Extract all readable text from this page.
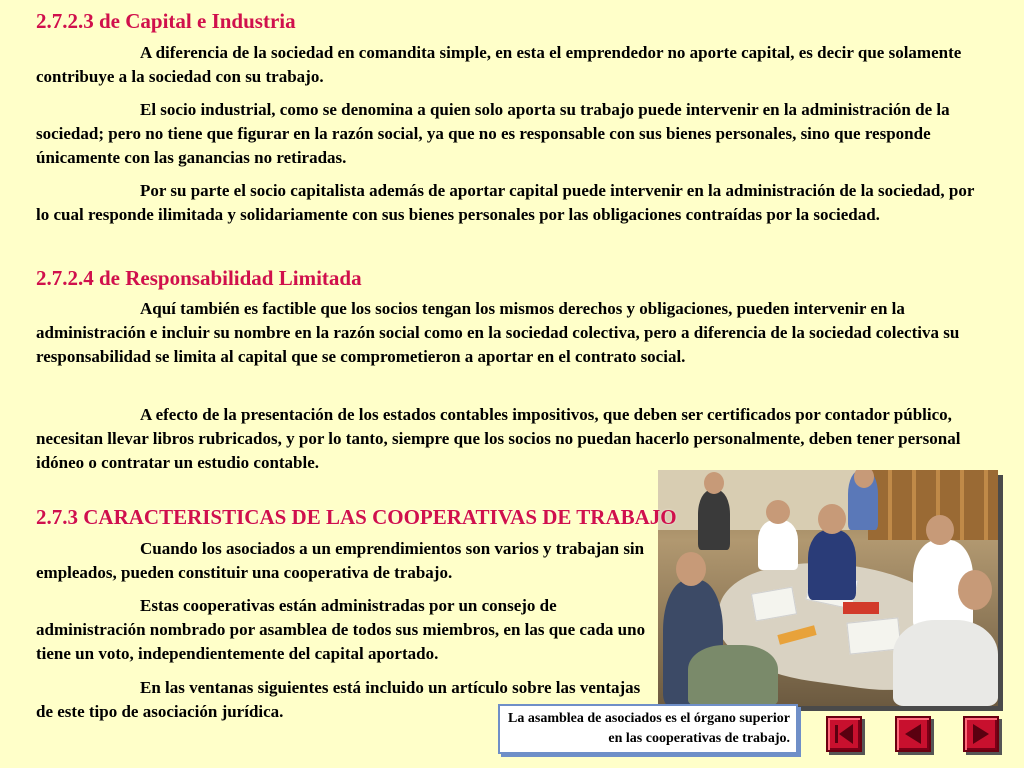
2.7.2.3 de Capital e Industria

A diferencia de la sociedad en comandita simple, en esta el emprendedor no aporte capital, es decir que solamente contribuye a la sociedad con su trabajo.

El socio industrial, como se denomina a quien solo aporta su trabajo puede intervenir en la administración de la sociedad; pero no tiene que figurar en la razón social, ya que no es responsable con sus bienes personales, sino que responde únicamente con las ganancias no retiradas.

Por su parte el socio capitalista además de aportar capital puede intervenir en la administración de la sociedad, por lo cual responde ilimitada y solidariamente con sus bienes personales por las obligaciones contraídas por la sociedad.

2.7.2.4 de Responsabilidad Limitada

Aquí también es factible que los socios tengan los mismos derechos y obligaciones, pueden intervenir en la administración e incluir su nombre en la razón social como en la sociedad colectiva, pero a diferencia de la sociedad colectiva su responsabilidad se limita al capital que se comprometieron a aportar en el contrato social.

A efecto de la presentación de los estados contables impositivos, que deben ser certificados por contador público, necesitan llevar libros rubricados, y por lo tanto, siempre que los socios no puedan hacerlo personalmente, deben tener personal idóneo o contratar un estudio contable.

2.7.3 CARACTERISTICAS DE LAS COOPERATIVAS DE TRABAJO

Cuando los asociados a un emprendimientos son varios y trabajan sin empleados, pueden constituir una cooperativa de trabajo.

Estas cooperativas están administradas por un consejo de administración nombrado por asamblea de todos sus miembros, en las que cada uno tiene un voto, independientemente del capital aportado.

En las ventanas siguientes está incluido un artículo sobre las ventajas de este tipo de asociación jurídica.	La asamblea de asociados es el órgano superior en las cooperativas de trabajo.
